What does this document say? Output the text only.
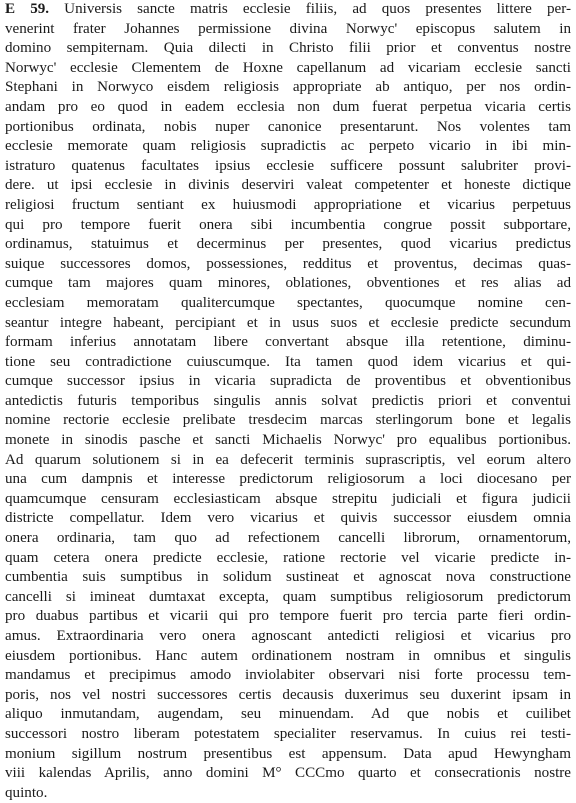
E 59. Universis sancte matris ecclesie filiis, ad quos presentes littere per-
venerint frater Johannes permissione divina Norwyc' episcopus salutem in
domino sempiternam. Quia dilecti in Christo filii prior et conventus nostre
Norwyc' ecclesie Clementem de Hoxne capellanum ad vicariam ecclesie sancti
Stephani in Norwyco eisdem religiosis appropriate ab antiquo, per nos ordin-
andam pro eo quod in eadem ecclesia non dum fuerat perpetua vicaria certis
portionibus ordinata, nobis nuper canonice presentarunt. Nos volentes tam
ecclesie memorate quam religiosis supradictis ac perpeto vicario in ibi min-
istraturo quatenus facultates ipsius ecclesie sufficere possunt salubriter provi-
dere. ut ipsi ecclesie in divinis deserviri valeat competenter et honeste dictique
religiosi fructum sentiant ex huiusmodi appropriatione et vicarius perpetuus
qui pro tempore fuerit onera sibi incumbentia congrue possit subportare,
ordinamus, statuimus et decerminus per presentes, quod vicarius predictus
suique successores domos, possessiones, redditus et proventus, decimas quas-
cumque tam majores quam minores, oblationes, obventiones et res alias ad
ecclesiam memoratam qualitercumque spectantes, quocumque nomine cen-
seantur integre habeant, percipiant et in usus suos et ecclesie predicte secundum
formam inferius annotatam libere convertant absque illa retentione, diminu-
tione seu contradictione cuiuscumque. Ita tamen quod idem vicarius et qui-
cumque successor ipsius in vicaria supradicta de proventibus et obventionibus
antedictis futuris temporibus singulis annis solvat predictis priori et conventui
nomine rectorie ecclesie prelibate tresdecim marcas sterlingorum bone et legalis
monete in sinodis pasche et sancti Michaelis Norwyc' pro equalibus portionibus.
Ad quarum solutionem si in ea defecerit terminis suprascriptis, vel eorum altero
una cum dampnis et interesse predictorum religiosorum a loci diocesano per
quamcumque censuram ecclesiasticam absque strepitu judiciali et figura judicii
districte compellatur. Idem vero vicarius et quivis successor eiusdem omnia
onera ordinaria, tam quo ad refectionem cancelli librorum, ornamentorum,
quam cetera onera predicte ecclesie, ratione rectorie vel vicarie predicte in-
cumbentia suis sumptibus in solidum sustineat et agnoscat nova constructione
cancelli si imineat dumtaxat excepta, quam sumptibus religiosorum predictorum
pro duabus partibus et vicarii qui pro tempore fuerit pro tercia parte fieri ordin-
amus. Extraordinaria vero onera agnoscant antedicti religiosi et vicarius pro
eiusdem portionibus. Hanc autem ordinationem nostram in omnibus et singulis
mandamus et precipimus amodo inviolabiter observari nisi forte processu tem-
poris, nos vel nostri successores certis decausis duxerimus seu duxerint ipsam in
aliquo inmutandam, augendam, seu minuendam. Ad que nobis et cuilibet
successori nostro liberam potestatem specialiter reservamus. In cuius rei testi-
monium sigillum nostrum presentibus est appensum. Data apud Hewyngham
viii kalendas Aprilis, anno domini M° CCCmo quarto et consecrationis nostre
quinto.
